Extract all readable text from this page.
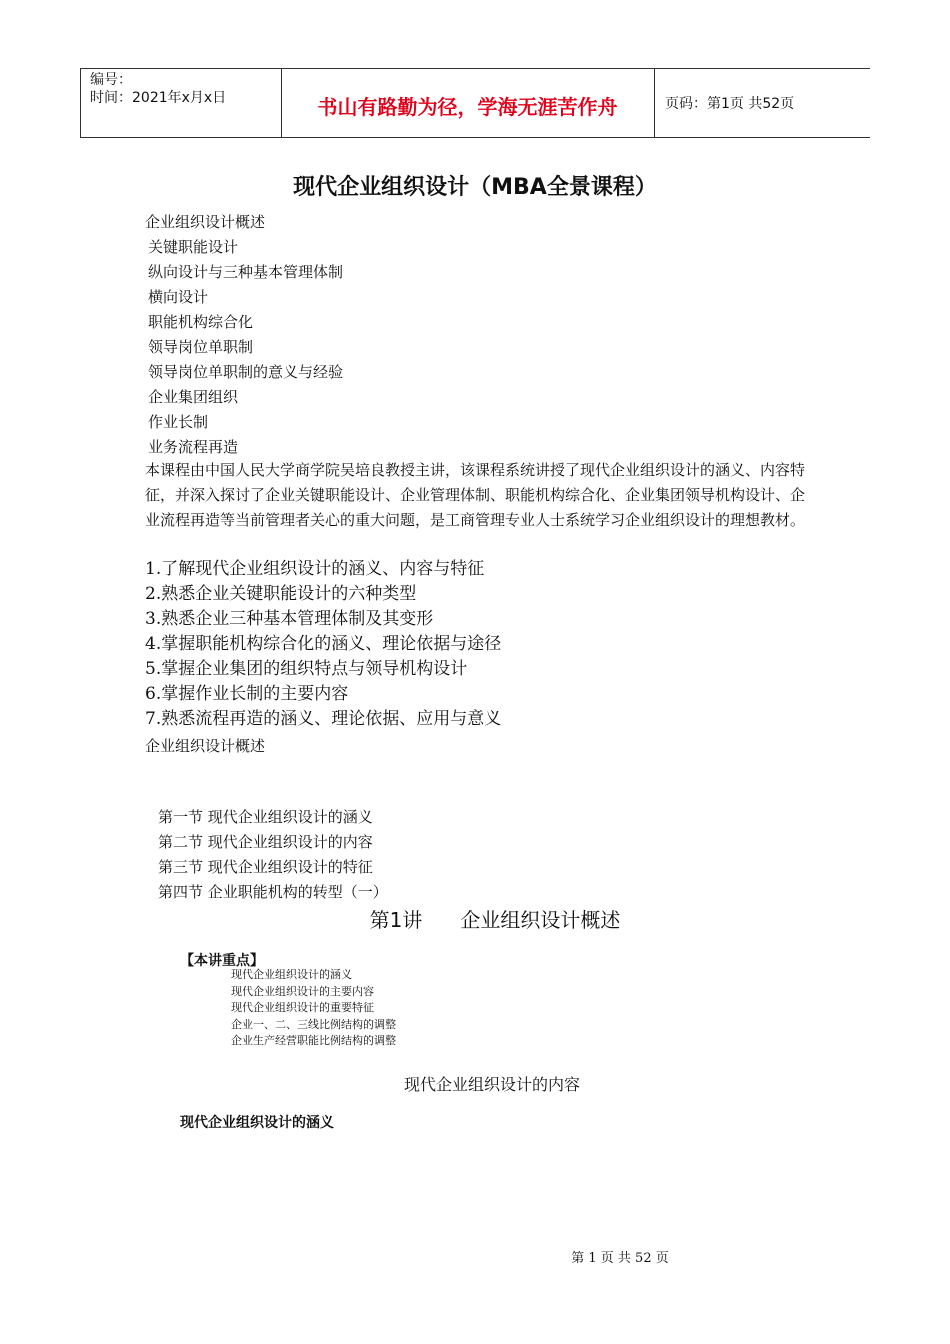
编号：
时间：2021年x月x日	书山有路勤为径，学海无涯苦作舟	页码：第1页 共52页
现代企业组织设计（MBA全景课程）
企业组织设计概述
关键职能设计
纵向设计与三种基本管理体制
横向设计
职能机构综合化
领导岗位单职制
领导岗位单职制的意义与经验
企业集团组织
作业长制
业务流程再造
本课程由中国人民大学商学院吴培良教授主讲，该课程系统讲授了现代企业组织设计的涵义、内容特征，并深入探讨了企业关键职能设计、企业管理体制、职能机构综合化、企业集团领导机构设计、企业流程再造等当前管理者关心的重大问题，是工商管理专业人士系统学习企业组织设计的理想教材。
1.了解现代企业组织设计的涵义、内容与特征
2.熟悉企业关键职能设计的六种类型
3.熟悉企业三种基本管理体制及其变形
4.掌握职能机构综合化的涵义、理论依据与途径
5.掌握企业集团的组织特点与领导机构设计
6.掌握作业长制的主要内容
7.熟悉流程再造的涵义、理论依据、应用与意义
企业组织设计概述
第一节 现代企业组织设计的涵义
第二节 现代企业组织设计的内容
第三节 现代企业组织设计的特征
第四节 企业职能机构的转型（一）
第1讲 企业组织设计概述
【本讲重点】
现代企业组织设计的涵义
现代企业组织设计的主要内容
现代企业组织设计的重要特征
企业一、二、三线比例结构的调整
企业生产经营职能比例结构的调整
现代企业组织设计的内容
现代企业组织设计的涵义
第 1 页 共 52 页
